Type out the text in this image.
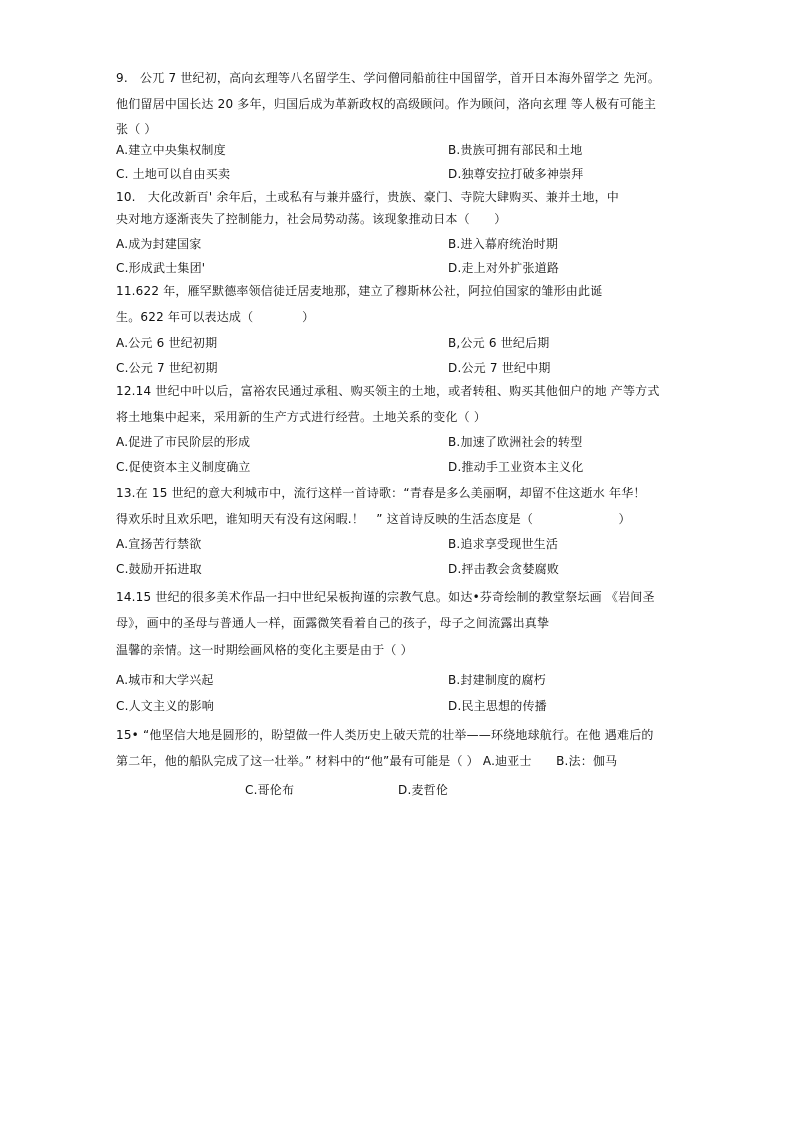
9.　公兀 7 世纪初，高向玄理等八名留学生、学问僧同船前往中国留学，首开日本海外留学之 先河。
他们留居中国长达 20 多年，归国后成为革新政权的高级顾问。作为顾问，洛向玄理 等人极有可能主
张（ ）
A.建立中央集权制度	B.贵族可拥有部民和土地
C. 土地可以自由买卖	D.独尊安拉打破多神崇拜
10.　大化改新百' 余年后，土或私有与兼并盛行，贵族、豪门、寺院大肆购买、兼并土地，中
央对地方逐渐丧失了控制能力，社会局势动荡。该现象推动日本（　　）
A.成为封建国家	B.进入幕府统治时期
C.形成武士集团'	D.走上对外扩张道路
11.622 年，雁罕默德率领信徒迁居麦地那，建立了穆斯林公社，阿拉伯国家的雏形由此诞
生。622 年可以表达成（　　　　）
A.公元 6 世纪初期	B,公元 6 世纪后期
C.公元 7 世纪初期	D.公元 7 世纪中期
12.14 世纪中叶以后，富裕农民通过承租、购买领主的土地，或者转租、购买其他佃户的地 产等方式
将土地集中起来，采用新的生产方式进行经营。土地关系的变化（ ）
A.促进了市民阶层的形成	B.加速了欧洲社会的转型
C.促使资本主义制度确立	D.推动手工业资本主义化
13.在 15 世纪的意大利城市中，流行这样一首诗歌：“青春是多么美丽啊，却留不住这逝水 年华！
得欢乐时且欢乐吧，谁知明天有没有这闲暇.！　” 这首诗反映的生活态度是（　　　　　　　）
A.宣扬苦行禁欲	B.追求享受现世生活
C.鼓励开拓进取	D.抨击教会贪婪腐败
14.15 世纪的很多美术作品一扫中世纪呆板拘谨的宗教气息。如达•芬奇绘制的教堂祭坛画 《岩间圣
母》，画中的圣母与普通人一样，面露微笑看着自己的孩子，母子之间流露出真挚
温馨的亲情。这一时期绘画风格的变化主要是由于（ ）
A.城市和大学兴起	B.封建制度的腐朽
C.人文主义的影响	D.民主思想的传播
15• “他坚信大地是圆形的，盼望做一件人类历史上破天荒的壮举——环绕地球航行。在他 遇难后的
第二年，他的船队完成了这一壮举。” 材料中的“他”最有可能是（ ） A.迪亚士　　B.法：伽马
C.哥伦布	D.麦哲伦
